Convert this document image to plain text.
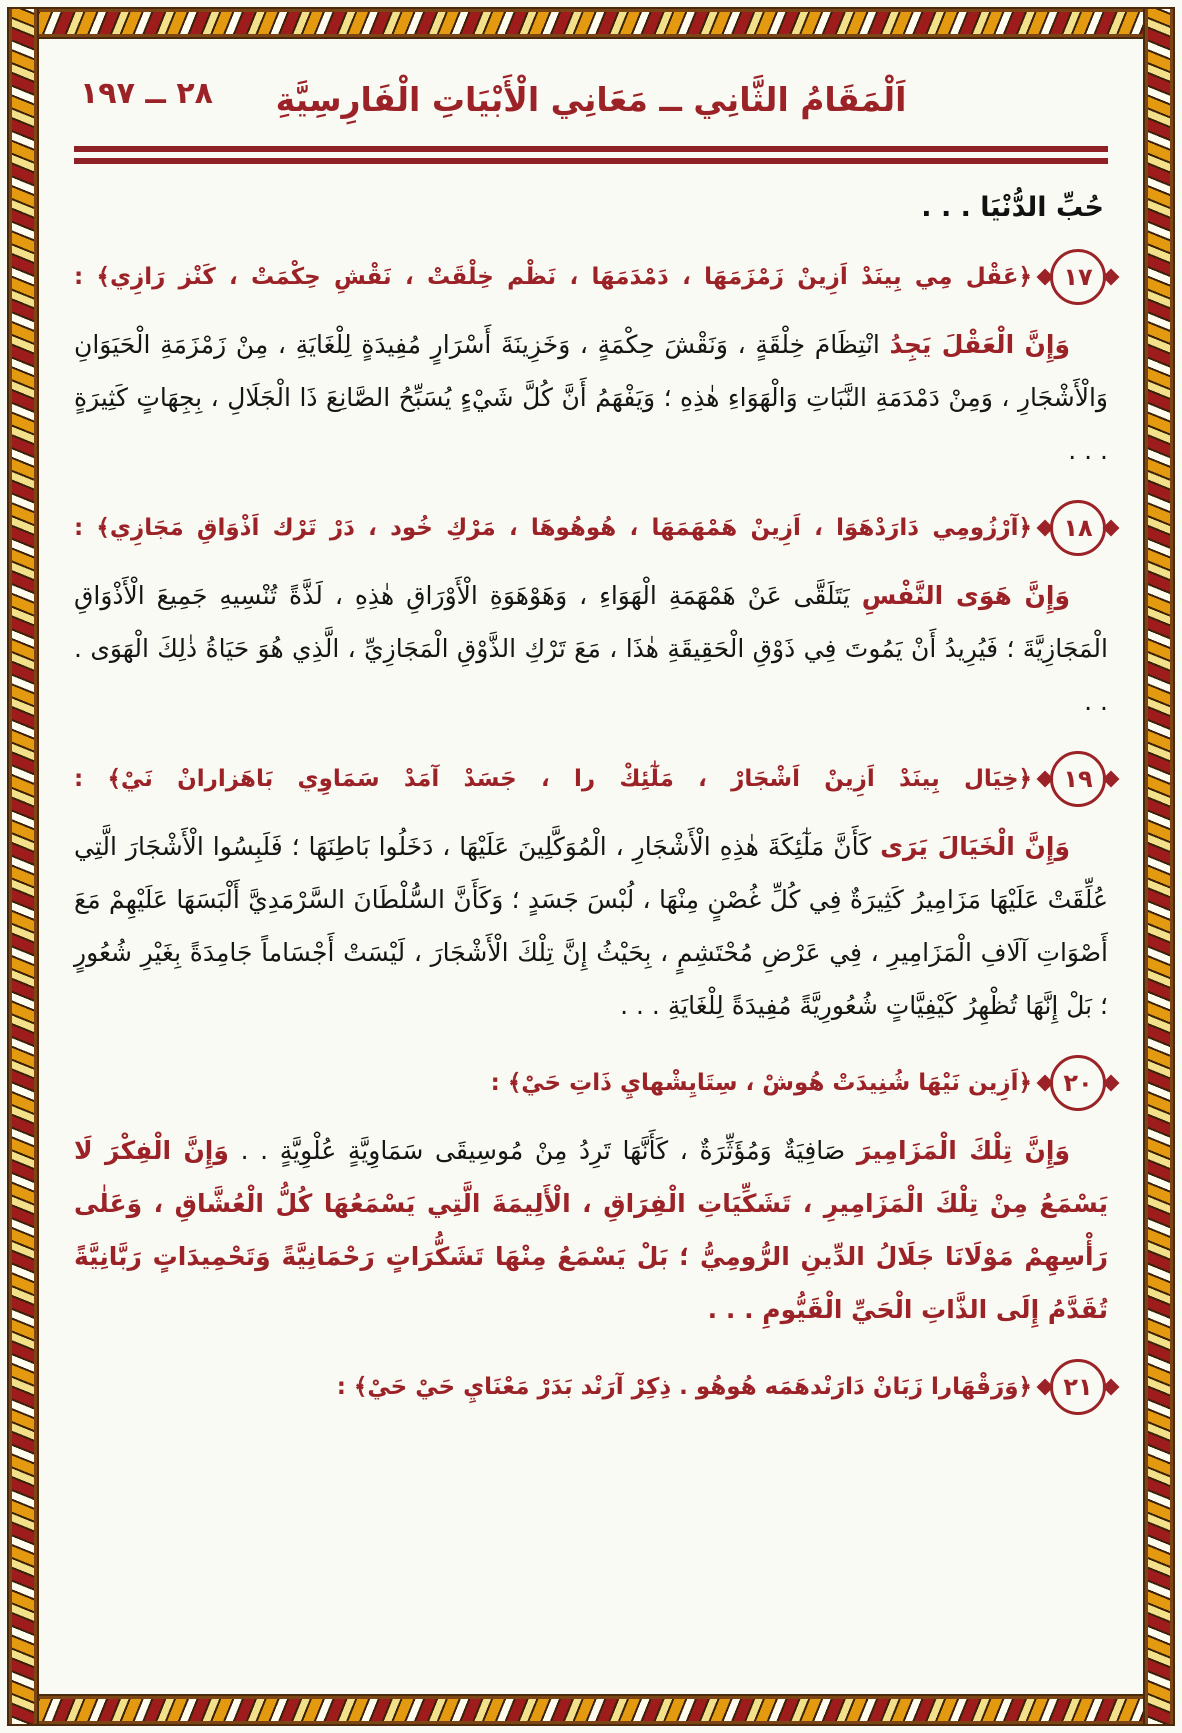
اَلْمَقَامُ الثَّانِي ــ مَعَانِي الْأَبْيَاتِ الْفَارِسِيَّةِ
٢٨ ــ ١٩٧

حُبِّ الدُّنْيَا . . .

١٧
﴿عَقْل مِي بِينَدْ اَزِينْ زَمْزَمَهَا ، دَمْدَمَهَا ، نَظْم خِلْقَتْ ، نَقْشِ حِكْمَتْ ، كَنْز رَازِي﴾ :

وَإِنَّ الْعَقْلَ يَجِدُ انْتِظَامَ خِلْقَةٍ ، وَنَقْشَ حِكْمَةٍ ، وَخَزِينَةَ أَسْرَارٍ مُفِيدَةٍ لِلْغَايَةِ ، مِنْ زَمْزَمَةِ الْحَيَوَانِ وَالْأَشْجَارِ ، وَمِنْ دَمْدَمَةِ النَّبَاتِ وَالْهَوَاءِ هٰذِهِ ؛ وَيَفْهَمُ أَنَّ كُلَّ شَيْءٍ يُسَبِّحُ الصَّانِعَ ذَا الْجَلَالِ ، بِجِهَاتٍ كَثِيرَةٍ . . .

١٨
﴿آرْزُومِي دَارَدْهَوَا ، اَزِينْ هَمْهَمَهَا ، هُوهُوهَا ، مَرْكِ خُود ، دَرْ تَرْك اَذْوَاقِ مَجَازِي﴾ :

وَإِنَّ هَوَى النَّفْسِ يَتَلَقَّى عَنْ هَمْهَمَةِ الْهَوَاءِ ، وَهَوْهَوَةِ الْأَوْرَاقِ هٰذِهِ ، لَذَّةً تُنْسِيهِ جَمِيعَ الْأَذْوَاقِ الْمَجَازِيَّةَ ؛ فَيُرِيدُ أَنْ يَمُوتَ فِي ذَوْقِ الْحَقِيقَةِ هٰذَا ، مَعَ تَرْكِ الذَّوْقِ الْمَجَازِيِّ ، الَّذِي هُوَ حَيَاةُ ذٰلِكَ الْهَوَى . . .

١٩
﴿خِيَال بِينَدْ اَزِينْ اَشْجَارْ ، مَلٰٓئِكْ را ، جَسَدْ آمَدْ سَمَاوِي بَاهَزارانْ نَيْ﴾ :

وَإِنَّ الْخَيَالَ يَرَى كَأَنَّ مَلٰٓئِكَةَ هٰذِهِ الْأَشْجَارِ ، الْمُوَكَّلِينَ عَلَيْهَا ، دَخَلُوا بَاطِنَهَا ؛ فَلَبِسُوا الْأَشْجَارَ الَّتِي عُلِّقَتْ عَلَيْهَا مَزَامِيرُ كَثِيرَةٌ فِي كُلِّ غُصْنٍ مِنْهَا ، لُبْسَ جَسَدٍ ؛ وَكَأَنَّ السُّلْطَانَ السَّرْمَدِيَّ أَلْبَسَهَا عَلَيْهِمْ مَعَ أَصْوَاتِ آلَافِ الْمَزَامِيرِ ، فِي عَرْضِ مُحْتَشِمٍ ، بِحَيْثُ إِنَّ تِلْكَ الْأَشْجَارَ ، لَيْسَتْ أَجْسَاماً جَامِدَةً بِغَيْرِ شُعُورٍ ؛ بَلْ إِنَّهَا تُظْهِرُ كَيْفِيَّاتٍ شُعُورِيَّةً مُفِيدَةً لِلْغَايَةِ . . .

٢٠
﴿اَزِين نَيْهَا شُنِيدَتْ هُوشْ ، سِتَايِشْهايِ ذَاتِ حَيْ﴾ :

وَإِنَّ تِلْكَ الْمَزَامِيرَ صَافِيَةٌ وَمُؤَثِّرَةٌ ، كَأَنَّهَا تَرِدُ مِنْ مُوسِيقَى سَمَاوِيَّةٍ عُلْوِيَّةٍ . . وَإِنَّ الْفِكْرَ لَا يَسْمَعُ مِنْ تِلْكَ الْمَزَامِيرِ ، تَشَكِّيَاتِ الْفِرَاقِ ، الْأَلِيمَةَ الَّتِي يَسْمَعُهَا كُلُّ الْعُشَّاقِ ، وَعَلٰى رَأْسِهِمْ مَوْلَانَا جَلَالُ الدِّينِ الرُّومِيُّ ؛ بَلْ يَسْمَعُ مِنْهَا تَشَكُّرَاتٍ رَحْمَانِيَّةً وَتَحْمِيدَاتٍ رَبَّانِيَّةً تُقَدَّمُ إِلَى الذَّاتِ الْحَيِّ الْقَيُّومِ . . .

٢١
﴿وَرَقْهَارا زَبَانْ دَارَنْدهَمَه هُوهُو . ذِكِرْ آرَنْد بَدَرْ مَعْنَايِ حَيْ حَيْ﴾ :
